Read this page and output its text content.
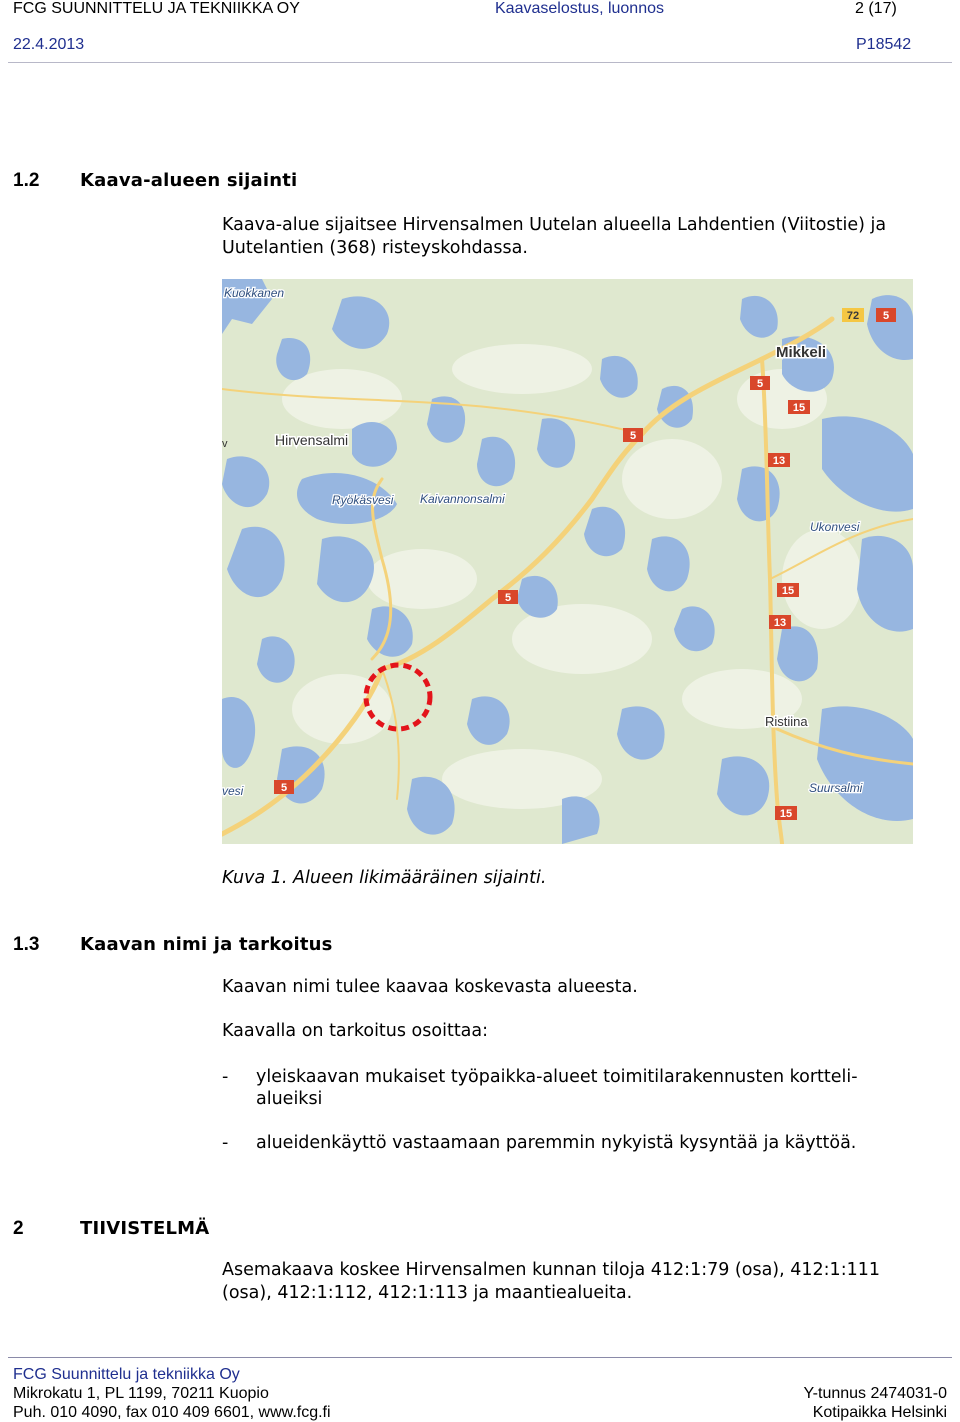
FCG SUUNNITTELU JA TEKNIIKKA OY	Kaavaselostus, luonnos	2 (17)
22.4.2013	P18542
1.2 Kaava-alueen sijainti
Kaava-alue sijaitsee Hirvensalmen Uutelan alueella Lahdentien (Viitostie) ja
Uutelantien (368) risteyskohdassa.
72 5
5
15
5
13
5
15
13
5
15
Kuokkanen
Mikkeli
v	Hirvensalmi
Ryökäsvesi Kaivannonsalmi
Ukonvesi
Ristiina
vesi	Suursalmi
Kuva 1. Alueen likimääräinen sijainti.
1.3 Kaavan nimi ja tarkoitus
Kaavan nimi tulee kaavaa koskevasta alueesta.
Kaavalla on tarkoitus osoittaa:
- yleiskaavan mukaiset työpaikka-alueet toimitilarakennusten kortteli-
alueiksi
- alueidenkäyttö vastaamaan paremmin nykyistä kysyntää ja käyttöä.
2	TIIVISTELMÄ
Asemakaava koskee Hirvensalmen kunnan tiloja 412:1:79 (osa), 412:1:111
(osa), 412:1:112, 412:1:113 ja maantiealueita.
FCG Suunnittelu ja tekniikka Oy
Mikrokatu 1, PL 1199, 70211 Kuopio
Puh. 010 4090, fax 010 409 6601, www.fcg.fi
Y-tunnus 2474031-0
Kotipaikka Helsinki
